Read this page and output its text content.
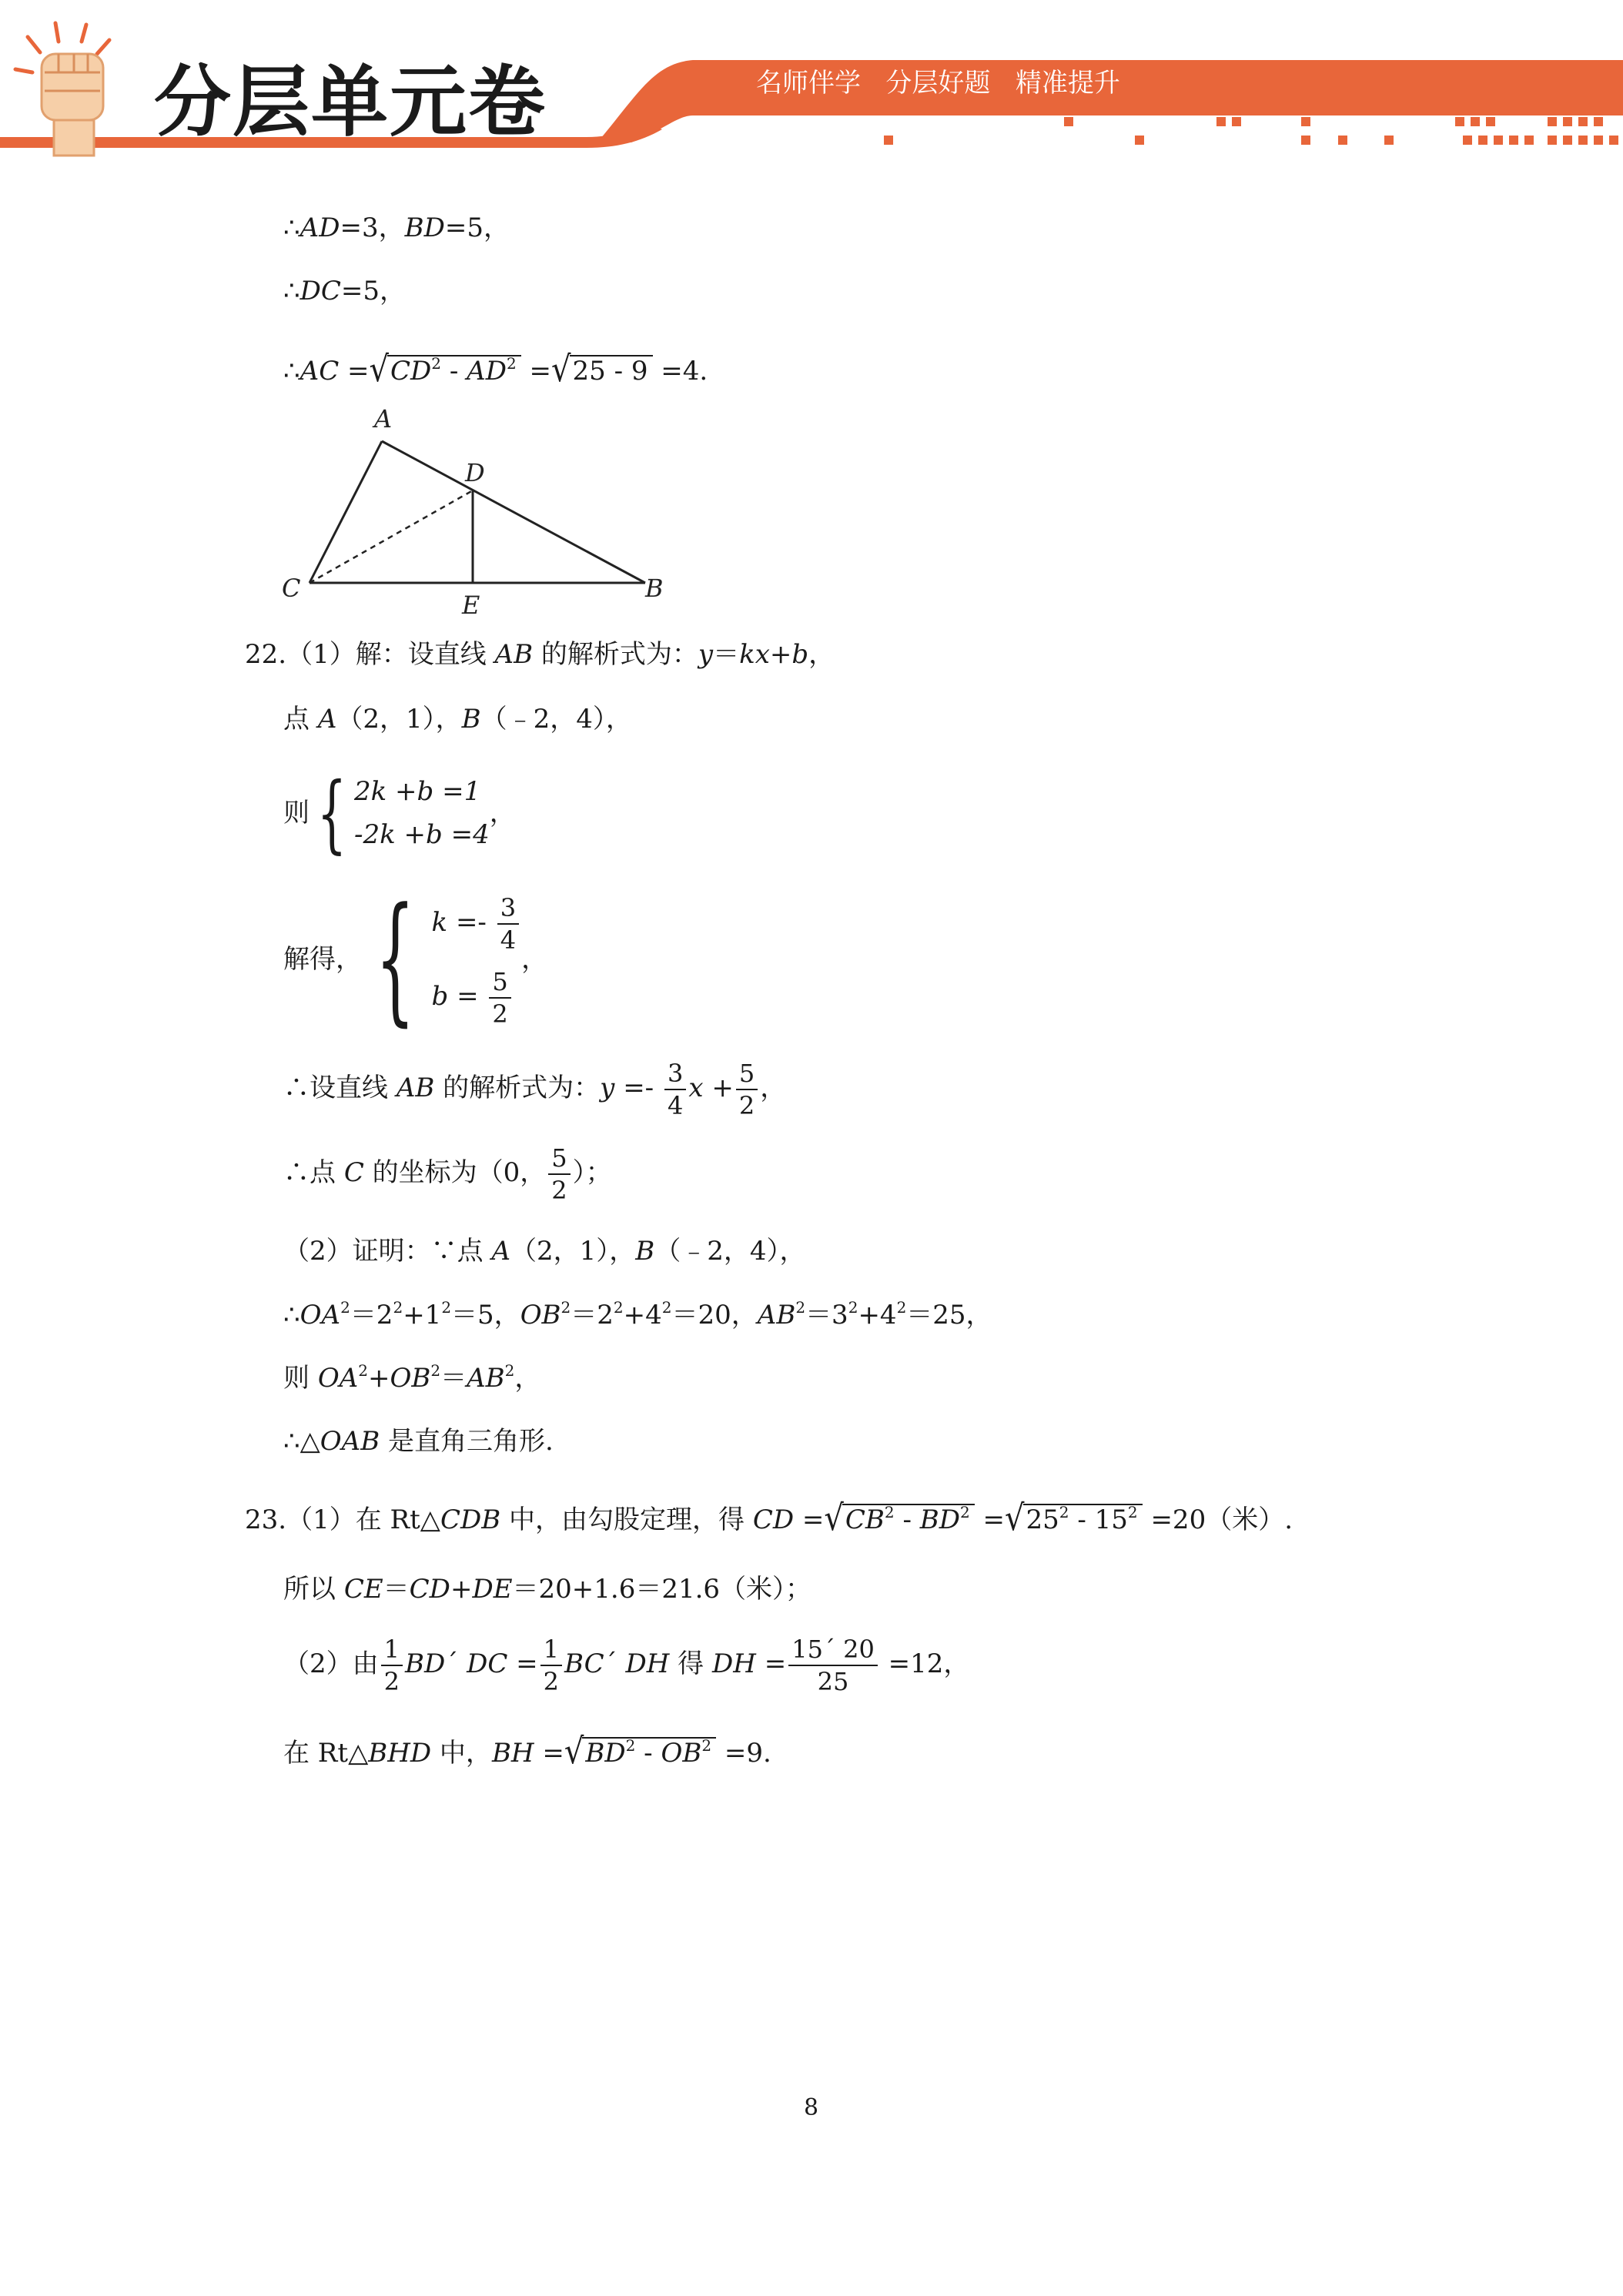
分层单元卷	名师伴学   分层好题   精准提升
∴AD=3，BD=5，
∴DC=5，
∴AC $=√CD^2 - AD^2 =√25 - 9 =4$.
A
D
C	B
E
22.（1）解：设直线 AB 的解析式为：y＝kx+b，
点 A（2，1），B（﹣2，4），
则{ 2k +b =1
-2k +b =4
，
解得，{ $k =- \frac{3}{4}$
$b = \frac{5}{2}$
，
∴设直线 AB 的解析式为：$y =- \frac{3}{4}$ $x + \frac{5}{2}$ ，
∴点 C 的坐标为（0， $\frac{5}{2}$ ）；
（2）证明：∵点 A（2，1），B（﹣2，4），
$\therefore OA^2=2^2+1^2=5$，$OB^2=2^2+4^2=20$，$AB^2=3^2+4^2=25$，
则 $OA^2+OB^2=AB^2$，
∴△OAB 是直角三角形.
23.（1）在 Rt△CDB 中，由勾股定理，得 CD $=√CB^2 - BD^2 =√25^2 - 15^2 =20$（米）.
所以 CE＝CD+DE＝20+1.6＝21.6（米）；
（2）由 $\frac{1}{2}$ BD´ DC = $\frac{1}{2}$ BC´ DH 得 DH = $\frac{15´ 20}{25} =12$，
在 Rt△BHD 中，BH $=√BD^2 - OB^2 =9$.
8
